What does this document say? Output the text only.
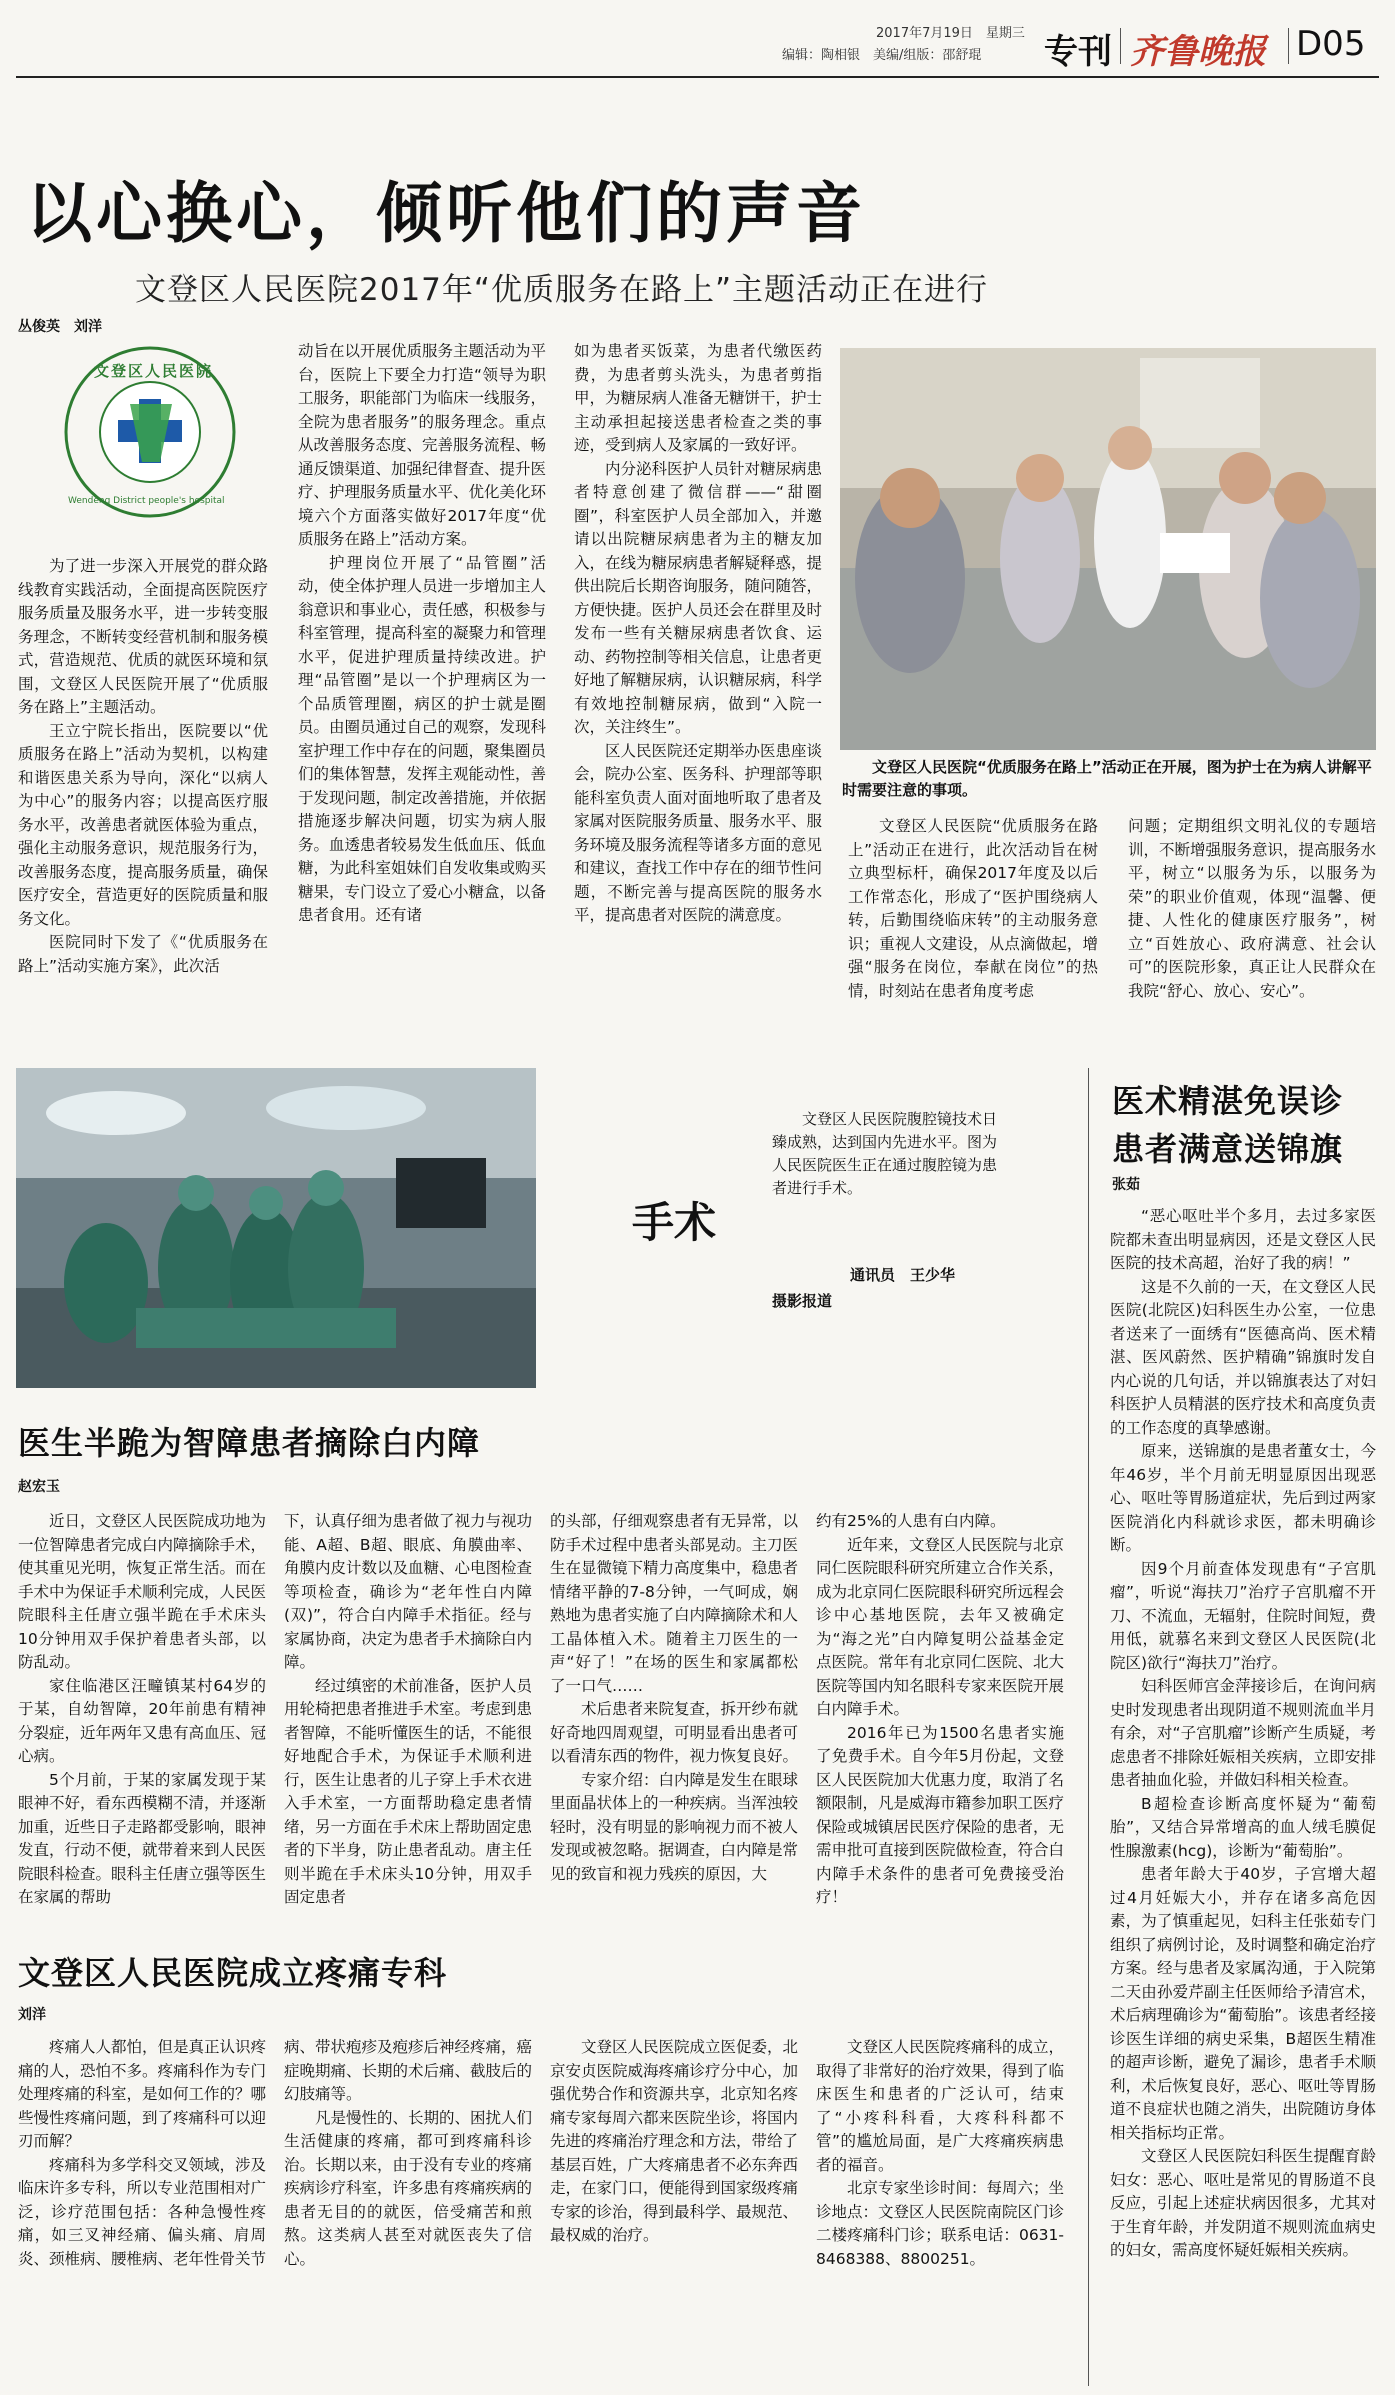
2017年7月19日　 星期三
编辑：陶相银　美编/组版：邵舒琨 专刊 齐鲁晚报 D05
以心换心，倾听他们的声音
文登区人民医院2017年“优质服务在路上”主题活动正在进行
丛俊英　刘洋
文登区人民医院
Wendeng District people's hospital

为了进一步深入开展党的群众路线教育实践活动，全面提高医院医疗服务质量及服务水平，进一步转变服务理念，不断转变经营机制和服务模式，营造规范、优质的就医环境和氛围，文登区人民医院开展了“优质服务在路上”主题活动。

王立宁院长指出，医院要以“优质服务在路上”活动为契机，以构建和谐医患关系为导向，深化“以病人为中心”的服务内容；以提高医疗服务水平，改善患者就医体验为重点，强化主动服务意识，规范服务行为，改善服务态度，提高服务质量，确保医疗安全，营造更好的医院质量和服务文化。

医院同时下发了《“优质服务在路上”活动实施方案》，此次活

动旨在以开展优质服务主题活动为平台，医院上下要全力打造“领导为职工服务，职能部门为临床一线服务，全院为患者服务”的服务理念。重点从改善服务态度、完善服务流程、畅通反馈渠道、加强纪律督查、提升医疗、护理服务质量水平、优化美化环境六个方面落实做好2017年度“优质服务在路上”活动方案。

护理岗位开展了“品管圈”活动，使全体护理人员进一步增加主人翁意识和事业心，责任感，积极参与科室管理，提高科室的凝聚力和管理水平，促进护理质量持续改进。护理“品管圈”是以一个护理病区为一个品质管理圈，病区的护士就是圈员。由圈员通过自己的观察，发现科室护理工作中存在的问题，聚集圈员们的集体智慧，发挥主观能动性，善于发现问题，制定改善措施，并依据措施逐步解决问题，切实为病人服务。血透患者较易发生低血压、低血糖，为此科室姐妹们自发收集或购买糖果，专门设立了爱心小糖盒，以备患者食用。还有诸

如为患者买饭菜，为患者代缴医药费，为患者剪头洗头，为患者剪指甲，为糖尿病人准备无糖饼干，护士主动承担起接送患者检查之类的事迹，受到病人及家属的一致好评。

内分泌科医护人员针对糖尿病患者特意创建了微信群——“甜圈圈”，科室医护人员全部加入，并邀请以出院糖尿病患者为主的糖友加入，在线为糖尿病患者解疑释惑，提供出院后长期咨询服务，随问随答，方便快捷。医护人员还会在群里及时发布一些有关糖尿病患者饮食、运动、药物控制等相关信息，让患者更好地了解糖尿病，认识糖尿病，科学有效地控制糖尿病，做到“入院一次，关注终生”。

区人民医院还定期举办医患座谈会，院办公室、医务科、护理部等职能科室负责人面对面地听取了患者及家属对医院服务质量、服务水平、服务环境及服务流程等诸多方面的意见和建议，查找工作中存在的细节性问题，不断完善与提高医院的服务水平，提高患者对医院的满意度。

文登区人民医院“优质服务在路上”活动正在开展，图为护士在为病人讲解平时需要注意的事项。

文登区人民医院“优质服务在路上”活动正在进行，此次活动旨在树立典型标杆，确保2017年度及以后工作常态化，形成了“医护围绕病人转，后勤围绕临床转”的主动服务意识；重视人文建设，从点滴做起，增强“服务在岗位，奉献在岗位”的热情，时刻站在患者角度考虑

问题；定期组织文明礼仪的专题培训，不断增强服务意识，提高服务水平，树立“以服务为乐，以服务为荣”的职业价值观，体现“温馨、便捷、人性化的健康医疗服务”，树立“百姓放心、政府满意、社会认可”的医院形象，真正让人民群众在我院“舒心、放心、安心”。

手术
文登区人民医院腹腔镜技术日臻成熟，达到国内先进水平。图为人民医院医生正在通过腹腔镜为患者进行手术。
通讯员　王少华
摄影报道
医生半跪为智障患者摘除白内障
赵宏玉

近日，文登区人民医院成功地为一位智障患者完成白内障摘除手术，使其重见光明，恢复正常生活。而在手术中为保证手术顺利完成，人民医院眼科主任唐立强半跪在手术床头10分钟用双手保护着患者头部，以防乱动。

家住临港区汪疃镇某村64岁的于某，自幼智障，20年前患有精神分裂症，近年两年又患有高血压、冠心病。

5个月前，于某的家属发现于某眼神不好，看东西模糊不清，并逐渐加重，近些日子走路都受影响，眼神发直，行动不便，就带着来到人民医院眼科检查。眼科主任唐立强等医生在家属的帮助

下，认真仔细为患者做了视力与视功能、A超、B超、眼底、角膜曲率、角膜内皮计数以及血糖、心电图检查等项检查，确诊为“老年性白内障(双)”，符合白内障手术指征。经与家属协商，决定为患者手术摘除白内障。

经过缜密的术前准备，医护人员用轮椅把患者推进手术室。考虑到患者智障，不能听懂医生的话，不能很好地配合手术，为保证手术顺利进行，医生让患者的儿子穿上手术衣进入手术室，一方面帮助稳定患者情绪，另一方面在手术床上帮助固定患者的下半身，防止患者乱动。唐主任则半跪在手术床头10分钟，用双手固定患者

的头部，仔细观察患者有无异常，以防手术过程中患者头部晃动。主刀医生在显微镜下精力高度集中，稳患者情绪平静的7-8分钟，一气呵成，娴熟地为患者实施了白内障摘除术和人工晶体植入术。随着主刀医生的一声“好了！”在场的医生和家属都松了一口气……

术后患者来院复查，拆开纱布就好奇地四周观望，可明显看出患者可以看清东西的物件，视力恢复良好。

专家介绍：白内障是发生在眼球里面晶状体上的一种疾病。当浑浊较轻时，没有明显的影响视力而不被人发现或被忽略。据调查，白内障是常见的致盲和视力残疾的原因，大

约有25%的人患有白内障。

近年来，文登区人民医院与北京同仁医院眼科研究所建立合作关系，成为北京同仁医院眼科研究所远程会诊中心基地医院，去年又被确定为“海之光”白内障复明公益基金定点医院。常年有北京同仁医院、北大医院等国内知名眼科专家来医院开展白内障手术。

2016年已为1500名患者实施了免费手术。自今年5月份起，文登区人民医院加大优惠力度，取消了名额限制，凡是威海市籍参加职工医疗保险或城镇居民医疗保险的患者，无需申批可直接到医院做检查，符合白内障手术条件的患者可免费接受治疗！

文登区人民医院成立疼痛专科
刘洋

疼痛人人都怕，但是真正认识疼痛的人，恐怕不多。疼痛科作为专门处理疼痛的科室，是如何工作的？哪些慢性疼痛问题，到了疼痛科可以迎刃而解？

疼痛科为多学科交叉领域，涉及临床许多专科，所以专业范围相对广泛，诊疗范围包括：各种急慢性疼痛，如三叉神经痛、偏头痛、肩周炎、颈椎病、腰椎病、老年性骨关节

病、带状疱疹及疱疹后神经疼痛，癌症晚期痛、长期的术后痛、截肢后的幻肢痛等。

凡是慢性的、长期的、困扰人们生活健康的疼痛，都可到疼痛科诊治。长期以来，由于没有专业的疼痛疾病诊疗科室，许多患有疼痛疾病的患者无目的的就医，倍受痛苦和煎熬。这类病人甚至对就医丧失了信心。

文登区人民医院成立医促委，北京安贞医院威海疼痛诊疗分中心，加强优势合作和资源共享，北京知名疼痛专家每周六都来医院坐诊，将国内先进的疼痛治疗理念和方法，带给了基层百姓，广大疼痛患者不必东奔西走，在家门口，便能得到国家级疼痛专家的诊治，得到最科学、最规范、最权威的治疗。

文登区人民医院疼痛科的成立，取得了非常好的治疗效果，得到了临床医生和患者的广泛认可，结束了“小疼科科看，大疼科科都不管”的尴尬局面，是广大疼痛疾病患者的福音。

北京专家坐诊时间：每周六；坐诊地点：文登区人民医院南院区门诊二楼疼痛科门诊；联系电话：0631-8468388、8800251。

医术精湛免误诊
患者满意送锦旗
张茹

“恶心呕吐半个多月，去过多家医院都未查出明显病因，还是文登区人民医院的技术高超，治好了我的病！”

这是不久前的一天，在文登区人民医院(北院区)妇科医生办公室，一位患者送来了一面绣有“医德高尚、医术精湛、医风蔚然、医护精确”锦旗时发自内心说的几句话，并以锦旗表达了对妇科医护人员精湛的医疗技术和高度负责的工作态度的真挚感谢。

原来，送锦旗的是患者董女士，今年46岁，半个月前无明显原因出现恶心、呕吐等胃肠道症状，先后到过两家医院消化内科就诊求医，都未明确诊断。

因9个月前查体发现患有“子宫肌瘤”，听说“海扶刀”治疗子宫肌瘤不开刀、不流血，无辐射，住院时间短，费用低，就慕名来到文登区人民医院(北院区)欲行“海扶刀”治疗。

妇科医师宫金萍接诊后，在询问病史时发现患者出现阴道不规则流血半月有余，对“子宫肌瘤”诊断产生质疑，考虑患者不排除妊娠相关疾病，立即安排患者抽血化验，并做妇科相关检查。

B超检查诊断高度怀疑为“葡萄胎”，又结合异常增高的血人绒毛膜促性腺激素(hcg)，诊断为“葡萄胎”。

患者年龄大于40岁，子宫增大超过4月妊娠大小，并存在诸多高危因素，为了慎重起见，妇科主任张茹专门组织了病例讨论，及时调整和确定治疗方案。经与患者及家属沟通，于入院第二天由孙爱芹副主任医师给予清宫术，术后病理确诊为“葡萄胎”。该患者经接诊医生详细的病史采集，B超医生精准的超声诊断，避免了漏诊，患者手术顺利，术后恢复良好，恶心、呕吐等胃肠道不良症状也随之消失，出院随访身体相关指标均正常。

文登区人民医院妇科医生提醒育龄妇女：恶心、呕吐是常见的胃肠道不良反应，引起上述症状病因很多，尤其对于生育年龄，并发阴道不规则流血病史的妇女，需高度怀疑妊娠相关疾病。
